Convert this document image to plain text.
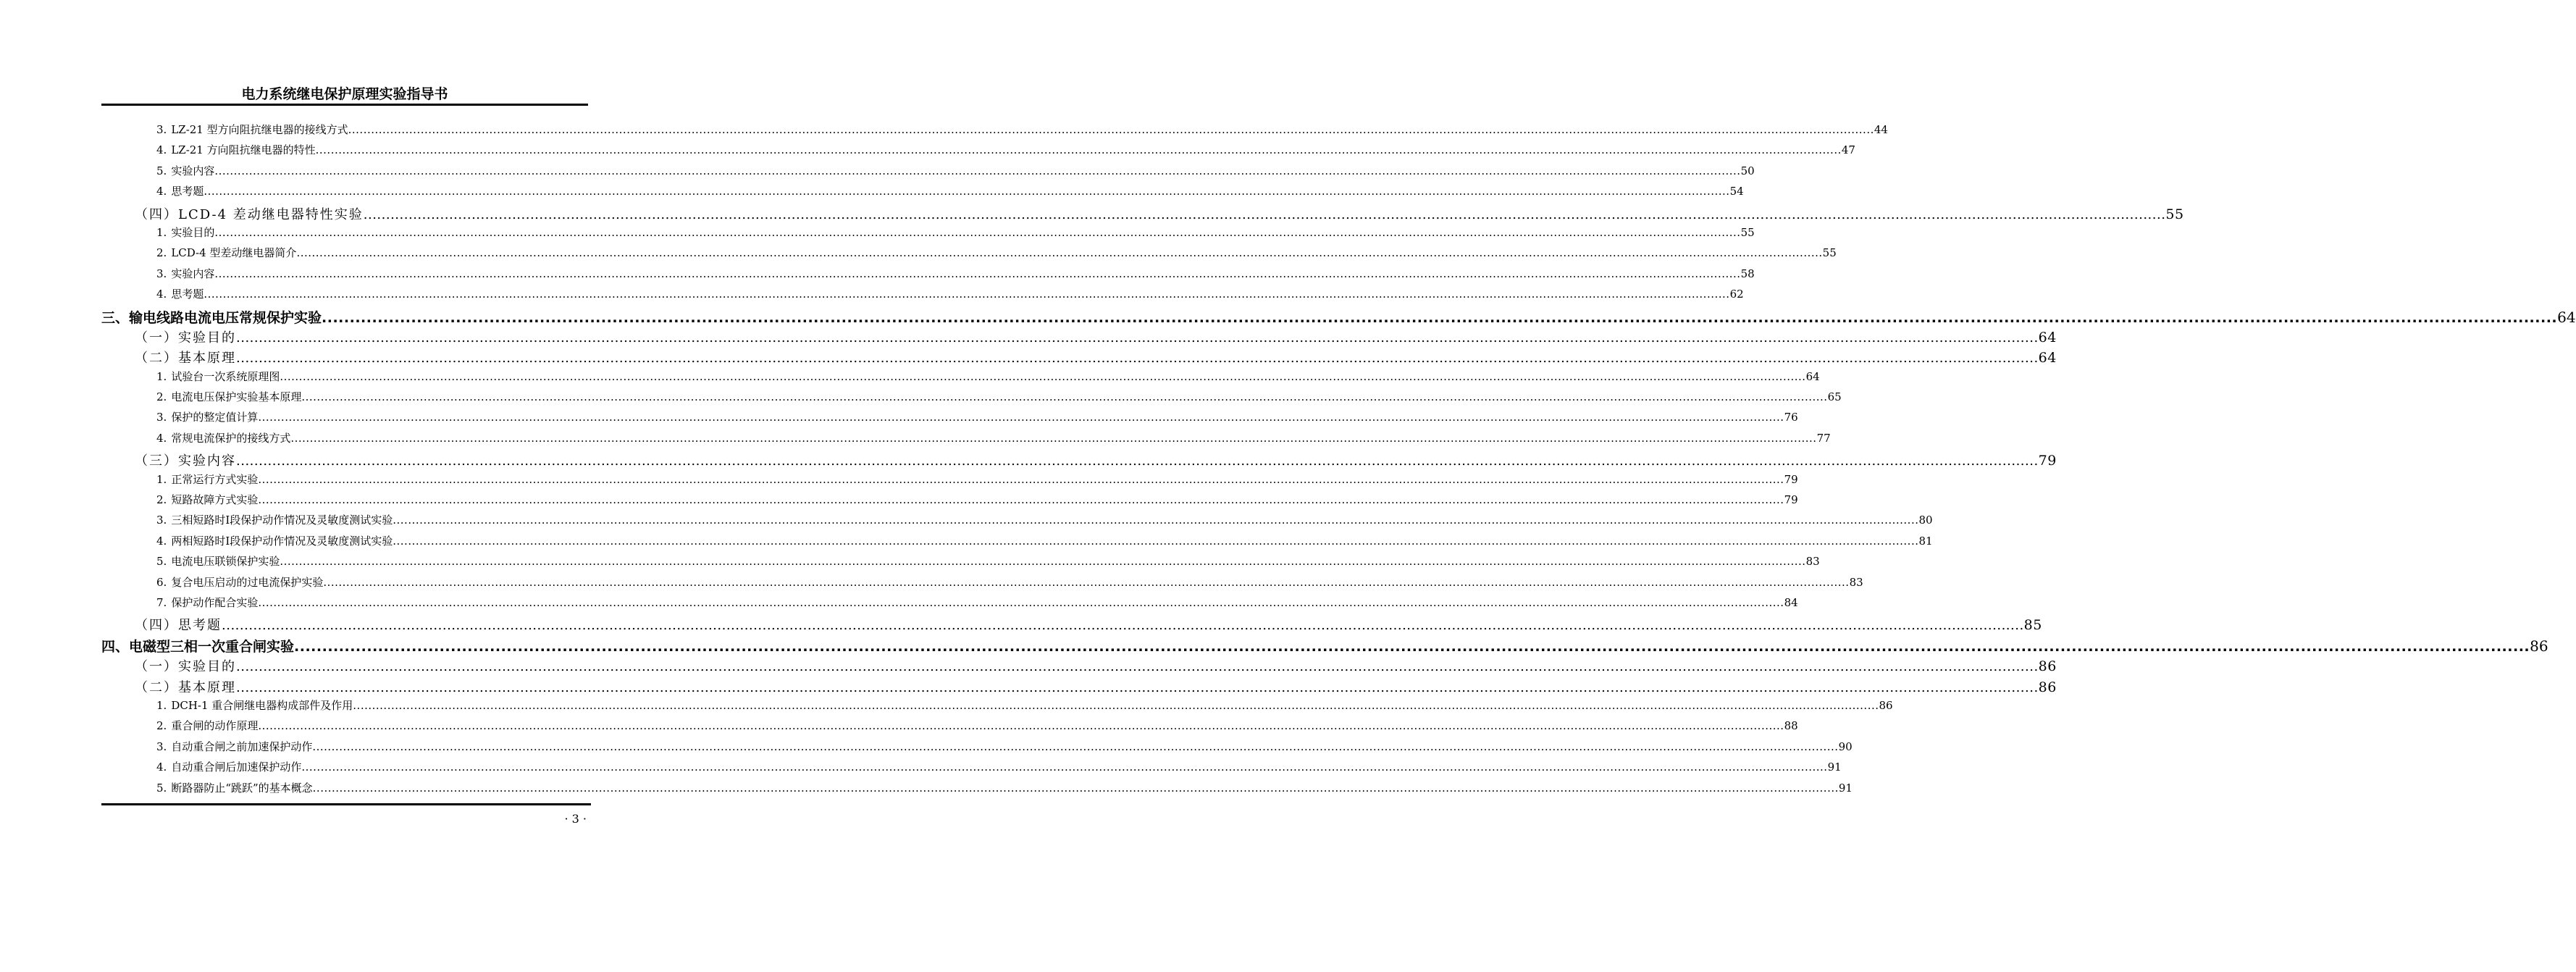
电力系统继电保护原理实验指导书
3. LZ-21 型方向阻抗继电器的接线方式 ................................................................................................................................................................................................................................................................................................................................................................................................................ 44
4. LZ-21 方向阻抗继电器的特性 ................................................................................................................................................................................................................................................................................................................................................................................................................ 47
5. 实验内容 ................................................................................................................................................................................................................................................................................................................................................................................................................ 50
4. 思考题 ................................................................................................................................................................................................................................................................................................................................................................................................................ 54
（四）LCD-4 差动继电器特性实验 ................................................................................................................................................................................................................................................................................................................................................................................................................ 55
1. 实验目的 ................................................................................................................................................................................................................................................................................................................................................................................................................ 55
2. LCD-4 型差动继电器简介 ................................................................................................................................................................................................................................................................................................................................................................................................................ 55
3. 实验内容 ................................................................................................................................................................................................................................................................................................................................................................................................................ 58
4. 思考题 ................................................................................................................................................................................................................................................................................................................................................................................................................ 62
三、输电线路电流电压常规保护实验 ................................................................................................................................................................................................................................................................................................................................................................................................................ 64
（一）实验目的 ................................................................................................................................................................................................................................................................................................................................................................................................................ 64
（二）基本原理 ................................................................................................................................................................................................................................................................................................................................................................................................................ 64
1. 试验台一次系统原理图 ................................................................................................................................................................................................................................................................................................................................................................................................................ 64
2. 电流电压保护实验基本原理 ................................................................................................................................................................................................................................................................................................................................................................................................................ 65
3. 保护的整定值计算 ................................................................................................................................................................................................................................................................................................................................................................................................................ 76
4. 常规电流保护的接线方式 ................................................................................................................................................................................................................................................................................................................................................................................................................ 77
（三）实验内容 ................................................................................................................................................................................................................................................................................................................................................................................................................ 79
1. 正常运行方式实验 ................................................................................................................................................................................................................................................................................................................................................................................................................ 79
2. 短路故障方式实验 ................................................................................................................................................................................................................................................................................................................................................................................................................ 79
3. 三相短路时Ⅰ段保护动作情况及灵敏度测试实验 ................................................................................................................................................................................................................................................................................................................................................................................................................ 80
4. 两相短路时Ⅰ段保护动作情况及灵敏度测试实验 ................................................................................................................................................................................................................................................................................................................................................................................................................ 81
5. 电流电压联锁保护实验 ................................................................................................................................................................................................................................................................................................................................................................................................................ 83
6. 复合电压启动的过电流保护实验 ................................................................................................................................................................................................................................................................................................................................................................................................................ 83
7. 保护动作配合实验 ................................................................................................................................................................................................................................................................................................................................................................................................................ 84
（四）思考题 ................................................................................................................................................................................................................................................................................................................................................................................................................ 85
四、电磁型三相一次重合闸实验 ................................................................................................................................................................................................................................................................................................................................................................................................................ 86
（一）实验目的 ................................................................................................................................................................................................................................................................................................................................................................................................................ 86
（二）基本原理 ................................................................................................................................................................................................................................................................................................................................................................................................................ 86
1. DCH-1 重合闸继电器构成部件及作用 ................................................................................................................................................................................................................................................................................................................................................................................................................ 86
2. 重合闸的动作原理 ................................................................................................................................................................................................................................................................................................................................................................................................................ 88
3. 自动重合闸之前加速保护动作 ................................................................................................................................................................................................................................................................................................................................................................................................................ 90
4. 自动重合闸后加速保护动作 ................................................................................................................................................................................................................................................................................................................................................................................................................ 91
5. 断路器防止“跳跃”的基本概念 ................................................................................................................................................................................................................................................................................................................................................................................................................ 91
· 3 ·
